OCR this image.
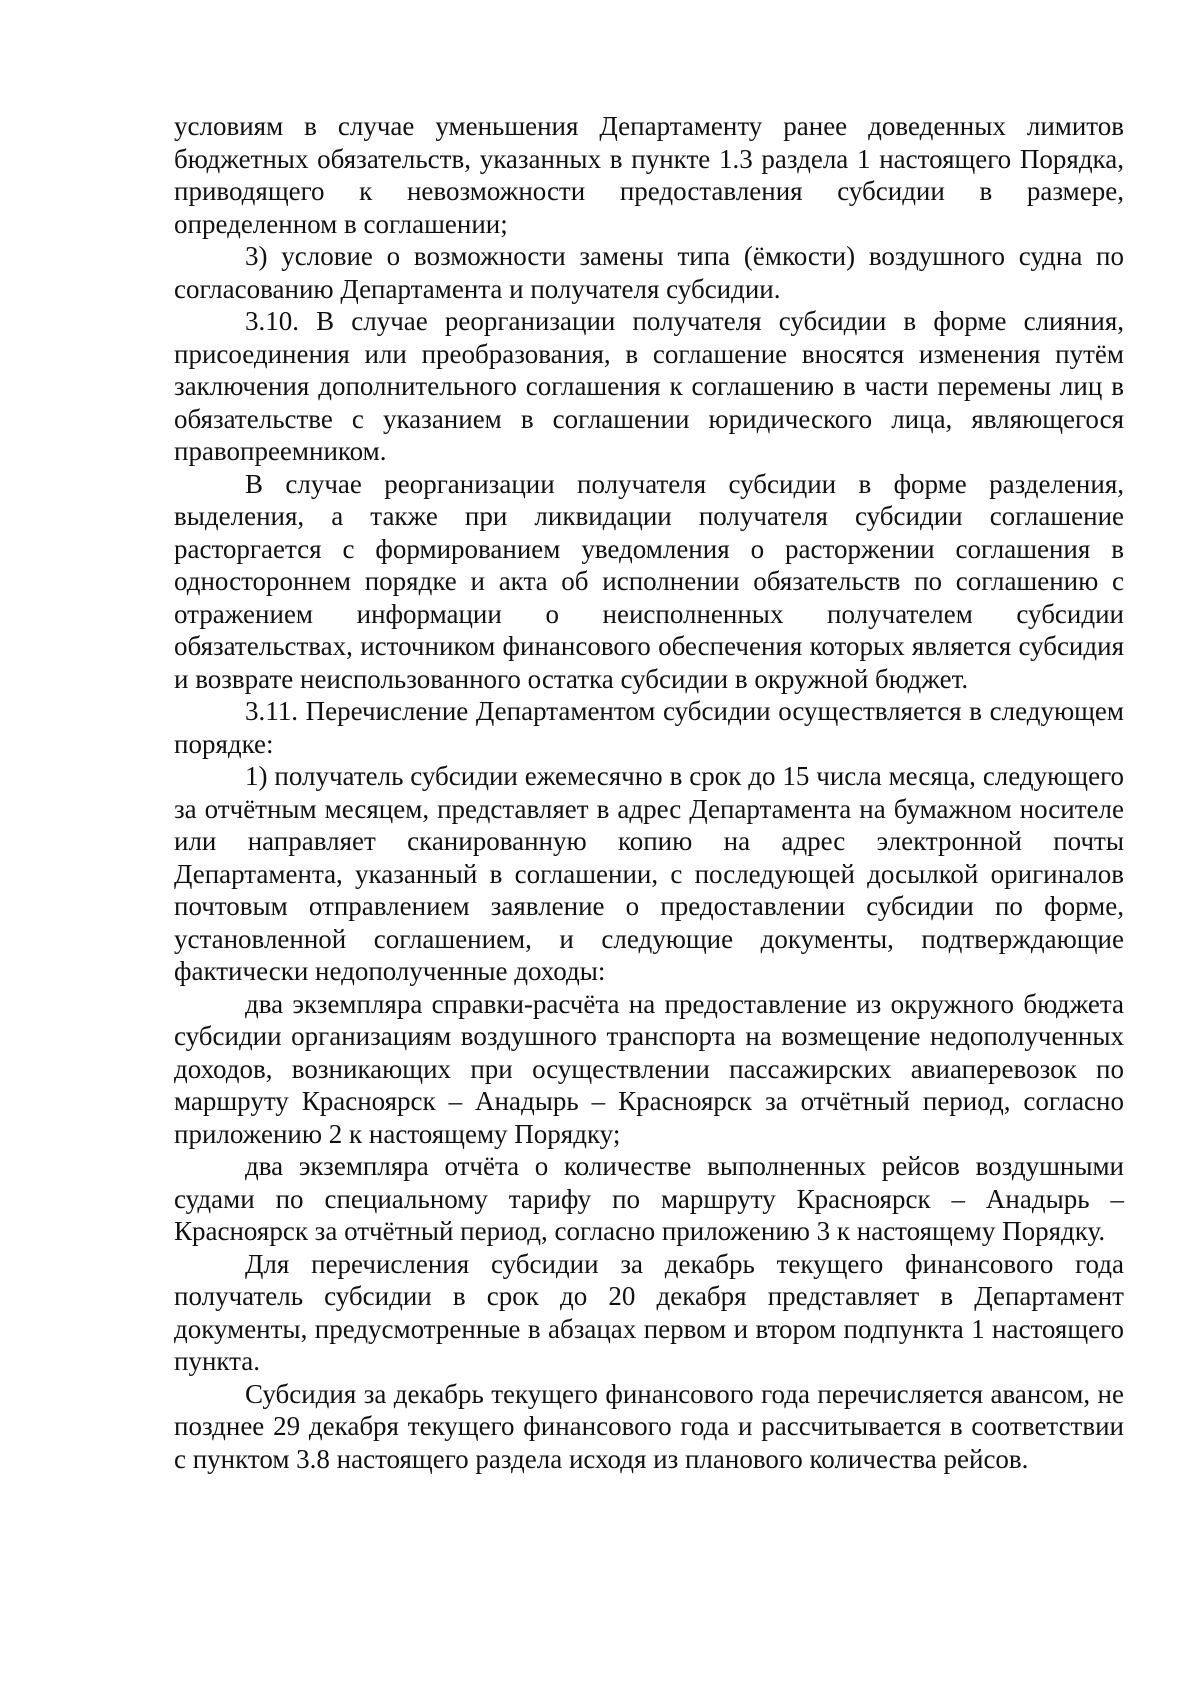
условиям в случае уменьшения Департаменту ранее доведенных лимитов бюджетных обязательств, указанных в пункте 1.3 раздела 1 настоящего Порядка, приводящего к невозможности предоставления субсидии в размере, определенном в соглашении;

3) условие о возможности замены типа (ёмкости) воздушного судна по согласованию Департамента и получателя субсидии.

3.10. В случае реорганизации получателя субсидии в форме слияния, присоединения или преобразования, в соглашение вносятся изменения путём заключения дополнительного соглашения к соглашению в части перемены лиц в обязательстве с указанием в соглашении юридического лица, являющегося правопреемником.

В случае реорганизации получателя субсидии в форме разделения, выделения, а также при ликвидации получателя субсидии соглашение расторгается с формированием уведомления о расторжении соглашения в одностороннем порядке и акта об исполнении обязательств по соглашению с отражением информации о неисполненных получателем субсидии обязательствах, источником финансового обеспечения которых является субсидия и возврате неиспользованного остатка субсидии в окружной бюджет.

3.11. Перечисление Департаментом субсидии осуществляется в следующем порядке:

1) получатель субсидии ежемесячно в срок до 15 числа месяца, следующего за отчётным месяцем, представляет в адрес Департамента на бумажном носителе или направляет сканированную копию на адрес электронной почты Департамента, указанный в соглашении, с последующей досылкой оригиналов почтовым отправлением заявление о предоставлении субсидии по форме, установленной соглашением, и следующие документы, подтверждающие фактически недополученные доходы:

два экземпляра справки-расчёта на предоставление из окружного бюджета субсидии организациям воздушного транспорта на возмещение недополученных доходов, возникающих при осуществлении пассажирских авиаперевозок по маршруту Красноярск – Анадырь – Красноярск за отчётный период, согласно приложению 2 к настоящему Порядку;

два экземпляра отчёта о количестве выполненных рейсов воздушными судами по специальному тарифу по маршруту Красноярск – Анадырь – Красноярск за отчётный период, согласно приложению 3 к настоящему Порядку.

Для перечисления субсидии за декабрь текущего финансового года получатель субсидии в срок до 20 декабря представляет в Департамент документы, предусмотренные в абзацах первом и втором подпункта 1 настоящего пункта.

Субсидия за декабрь текущего финансового года перечисляется авансом, не позднее 29 декабря текущего финансового года и рассчитывается в соответствии с пунктом 3.8 настоящего раздела исходя из планового количества рейсов.
